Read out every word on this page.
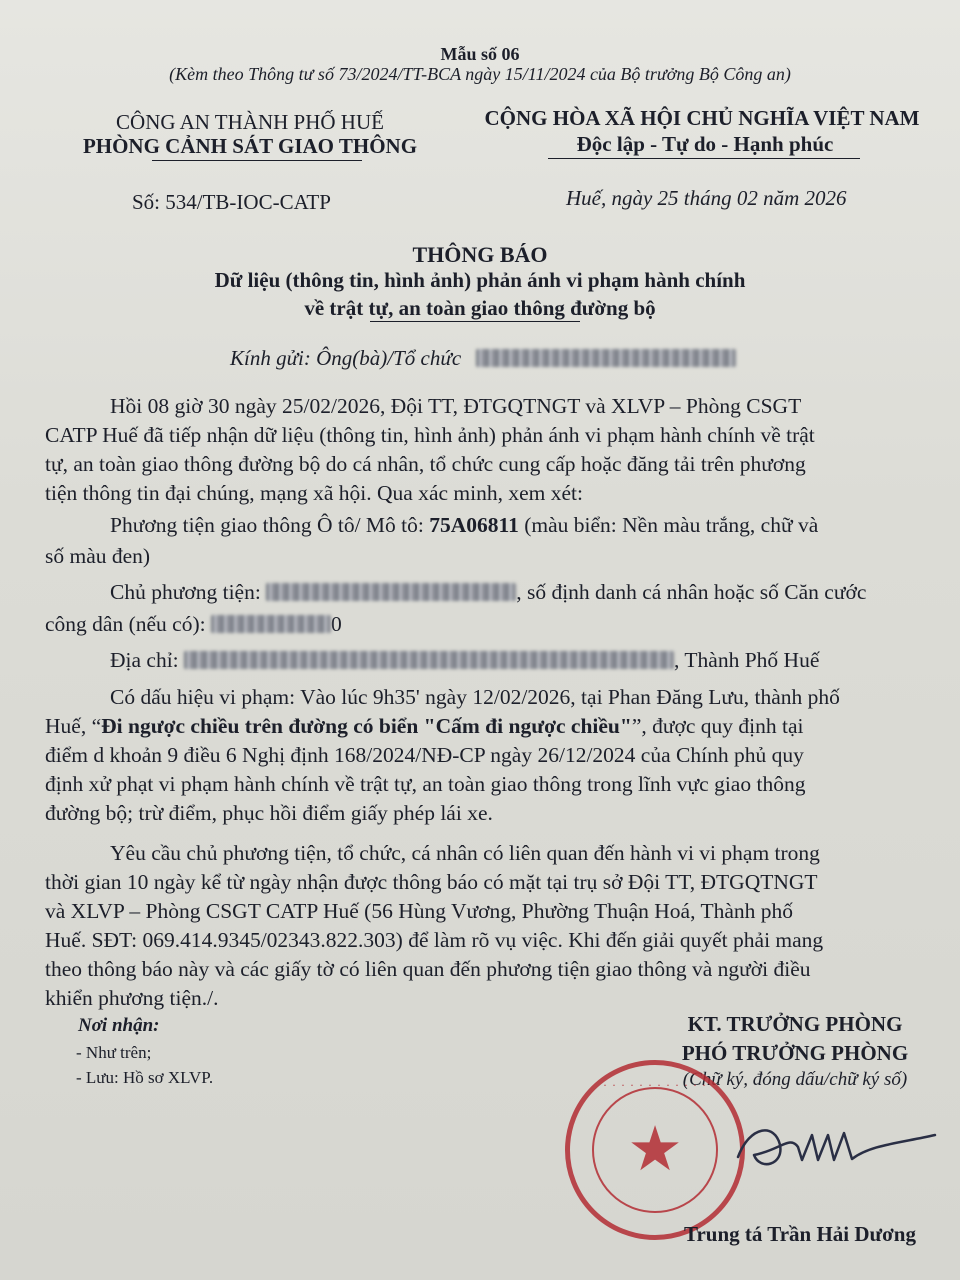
Mẫu số 06
(Kèm theo Thông tư số 73/2024/TT-BCA ngày 15/11/2024 của Bộ trưởng Bộ Công an)
CÔNG AN THÀNH PHỐ HUẾ
PHÒNG CẢNH SÁT GIAO THÔNG
CỘNG HÒA XÃ HỘI CHỦ NGHĨA VIỆT NAM
Độc lập - Tự do - Hạnh phúc
Số: 534/TB-IOC-CATP	Huế, ngày 25 tháng 02 năm 2026
THÔNG BÁO
Dữ liệu (thông tin, hình ảnh) phản ánh vi phạm hành chính
về trật tự, an toàn giao thông đường bộ
Kính gửi: Ông(bà)/Tổ chức
Hồi 08 giờ 30 ngày 25/02/2026, Đội TT, ĐTGQTNGT và XLVP – Phòng CSGT
CATP Huế đã tiếp nhận dữ liệu (thông tin, hình ảnh) phản ánh vi phạm hành chính về trật
tự, an toàn giao thông đường bộ do cá nhân, tổ chức cung cấp hoặc đăng tải trên phương
tiện thông tin đại chúng, mạng xã hội. Qua xác minh, xem xét:
Phương tiện giao thông Ô tô/ Mô tô: 75A06811 (màu biển: Nền màu trắng, chữ và
số màu đen)
Chủ phương tiện:	, số định danh cá nhân hoặc số Căn cước
công dân (nếu có):	0
Địa chỉ:	, Thành Phố Huế
Có dấu hiệu vi phạm: Vào lúc 9h35' ngày 12/02/2026, tại Phan Đăng Lưu, thành phố
Huế, “Đi ngược chiều trên đường có biển "Cấm đi ngược chiều"”, được quy định tại
điểm d khoản 9 điều 6 Nghị định 168/2024/NĐ-CP ngày 26/12/2024 của Chính phủ quy
định xử phạt vi phạm hành chính về trật tự, an toàn giao thông trong lĩnh vực giao thông
đường bộ; trừ điểm, phục hồi điểm giấy phép lái xe.
Yêu cầu chủ phương tiện, tổ chức, cá nhân có liên quan đến hành vi vi phạm trong
thời gian 10 ngày kể từ ngày nhận được thông báo có mặt tại trụ sở Đội TT, ĐTGQTNGT
và XLVP – Phòng CSGT CATP Huế (56 Hùng Vương, Phường Thuận Hoá, Thành phố
Huế. SĐT: 069.414.9345/02343.822.303) để làm rõ vụ việc. Khi đến giải quyết phải mang
theo thông báo này và các giấy tờ có liên quan đến phương tiện giao thông và người điều
khiển phương tiện./.
Nơi nhận:
- Như trên;
- Lưu: Hồ sơ XLVP.
KT. TRƯỞNG PHÒNG
PHÓ TRƯỞNG PHÒNG
(Chữ ký, đóng dấu/chữ ký số)
· · · · · · · · · · · ·
★
Trung tá Trần Hải Dương
